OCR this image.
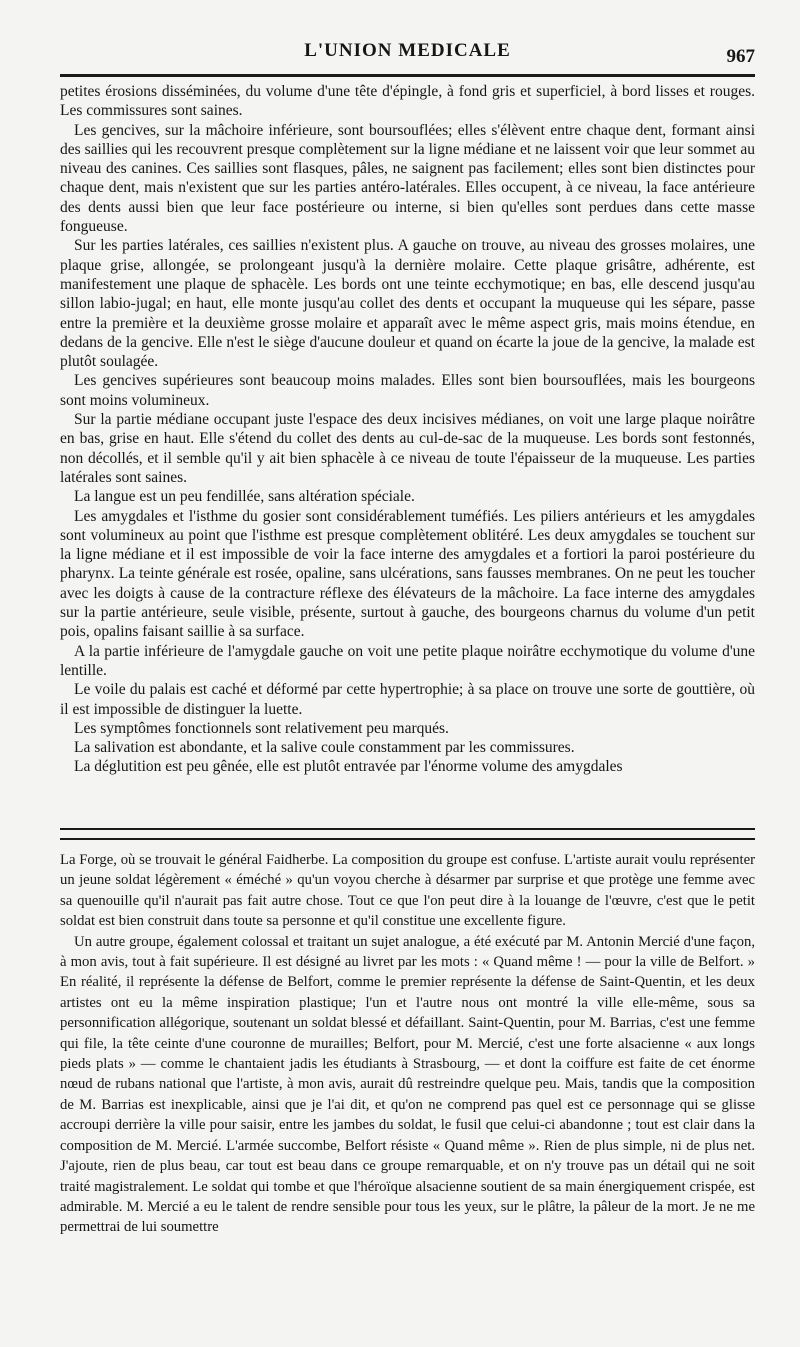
L'UNION MEDICALE	967

petites érosions disséminées, du volume d'une tête d'épingle, à fond gris et superficiel, à bord lisses et rouges. Les commissures sont saines.

Les gencives, sur la mâchoire inférieure, sont boursouflées; elles s'élèvent entre chaque dent, formant ainsi des saillies qui les recouvrent presque complètement sur la ligne médiane et ne laissent voir que leur sommet au niveau des canines. Ces saillies sont flasques, pâles, ne saignent pas facilement; elles sont bien distinctes pour chaque dent, mais n'existent que sur les parties antéro-latérales. Elles occupent, à ce niveau, la face antérieure des dents aussi bien que leur face postérieure ou interne, si bien qu'elles sont perdues dans cette masse fongueuse.

Sur les parties latérales, ces saillies n'existent plus. A gauche on trouve, au niveau des grosses molaires, une plaque grise, allongée, se prolongeant jusqu'à la dernière molaire. Cette plaque grisâtre, adhérente, est manifestement une plaque de sphacèle. Les bords ont une teinte ecchymotique; en bas, elle descend jusqu'au sillon labio-jugal; en haut, elle monte jusqu'au collet des dents et occupant la muqueuse qui les sépare, passe entre la première et la deuxième grosse molaire et apparaît avec le même aspect gris, mais moins étendue, en dedans de la gencive. Elle n'est le siège d'aucune douleur et quand on écarte la joue de la gencive, la malade est plutôt soulagée.

Les gencives supérieures sont beaucoup moins malades. Elles sont bien boursouflées, mais les bourgeons sont moins volumineux.

Sur la partie médiane occupant juste l'espace des deux incisives médianes, on voit une large plaque noirâtre en bas, grise en haut. Elle s'étend du collet des dents au cul-de-sac de la muqueuse. Les bords sont festonnés, non décollés, et il semble qu'il y ait bien sphacèle à ce niveau de toute l'épaisseur de la muqueuse. Les parties latérales sont saines.

La langue est un peu fendillée, sans altération spéciale.

Les amygdales et l'isthme du gosier sont considérablement tuméfiés. Les piliers antérieurs et les amygdales sont volumineux au point que l'isthme est presque complètement oblitéré. Les deux amygdales se touchent sur la ligne médiane et il est impossible de voir la face interne des amygdales et a fortiori la paroi postérieure du pharynx. La teinte générale est rosée, opaline, sans ulcérations, sans fausses membranes. On ne peut les toucher avec les doigts à cause de la contracture réflexe des élévateurs de la mâchoire. La face interne des amygdales sur la partie antérieure, seule visible, présente, surtout à gauche, des bourgeons charnus du volume d'un petit pois, opalins faisant saillie à sa surface.

A la partie inférieure de l'amygdale gauche on voit une petite plaque noirâtre ecchymotique du volume d'une lentille.

Le voile du palais est caché et déformé par cette hypertrophie; à sa place on trouve une sorte de gouttière, où il est impossible de distinguer la luette.

Les symptômes fonctionnels sont relativement peu marqués.

La salivation est abondante, et la salive coule constamment par les commissures.

La déglutition est peu gênée, elle est plutôt entravée par l'énorme volume des amygdales

La Forge, où se trouvait le général Faidherbe. La composition du groupe est confuse. L'artiste aurait voulu représenter un jeune soldat légèrement « éméché » qu'un voyou cherche à désarmer par surprise et que protège une femme avec sa quenouille qu'il n'aurait pas fait autre chose. Tout ce que l'on peut dire à la louange de l'œuvre, c'est que le petit soldat est bien construit dans toute sa personne et qu'il constitue une excellente figure.

Un autre groupe, également colossal et traitant un sujet analogue, a été exécuté par M. Antonin Mercié d'une façon, à mon avis, tout à fait supérieure. Il est désigné au livret par les mots : « Quand même ! — pour la ville de Belfort. » En réalité, il représente la défense de Belfort, comme le premier représente la défense de Saint-Quentin, et les deux artistes ont eu la même inspiration plastique; l'un et l'autre nous ont montré la ville elle-même, sous sa personnification allégorique, soutenant un soldat blessé et défaillant. Saint-Quentin, pour M. Barrias, c'est une femme qui file, la tête ceinte d'une couronne de murailles; Belfort, pour M. Mercié, c'est une forte alsacienne « aux longs pieds plats » — comme le chantaient jadis les étudiants à Strasbourg, — et dont la coiffure est faite de cet énorme nœud de rubans national que l'artiste, à mon avis, aurait dû restreindre quelque peu. Mais, tandis que la composition de M. Barrias est inexplicable, ainsi que je l'ai dit, et qu'on ne comprend pas quel est ce personnage qui se glisse accroupi derrière la ville pour saisir, entre les jambes du soldat, le fusil que celui-ci abandonne ; tout est clair dans la composition de M. Mercié. L'armée succombe, Belfort résiste « Quand même ». Rien de plus simple, ni de plus net. J'ajoute, rien de plus beau, car tout est beau dans ce groupe remarquable, et on n'y trouve pas un détail qui ne soit traité magistralement. Le soldat qui tombe et que l'héroïque alsacienne soutient de sa main énergiquement crispée, est admirable. M. Mercié a eu le talent de rendre sensible pour tous les yeux, sur le plâtre, la pâleur de la mort. Je ne me permettrai de lui soumettre
